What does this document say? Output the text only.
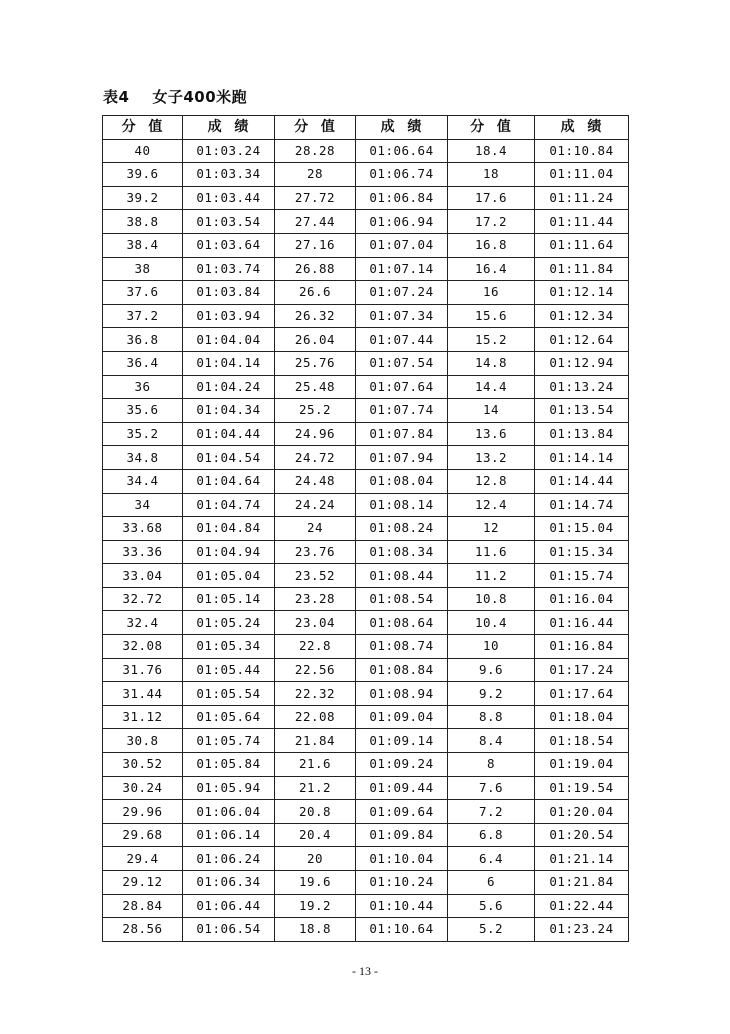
表4    女子400米跑
分  值	成  绩	分  值	成  绩	分  值	成  绩
40	01:03.24	28.28	01:06.64	18.4	01:10.84
39.6	01:03.34	28	01:06.74	18	01:11.04
39.2	01:03.44	27.72	01:06.84	17.6	01:11.24
38.8	01:03.54	27.44	01:06.94	17.2	01:11.44
38.4	01:03.64	27.16	01:07.04	16.8	01:11.64
38	01:03.74	26.88	01:07.14	16.4	01:11.84
37.6	01:03.84	26.6	01:07.24	16	01:12.14
37.2	01:03.94	26.32	01:07.34	15.6	01:12.34
36.8	01:04.04	26.04	01:07.44	15.2	01:12.64
36.4	01:04.14	25.76	01:07.54	14.8	01:12.94
36	01:04.24	25.48	01:07.64	14.4	01:13.24
35.6	01:04.34	25.2	01:07.74	14	01:13.54
35.2	01:04.44	24.96	01:07.84	13.6	01:13.84
34.8	01:04.54	24.72	01:07.94	13.2	01:14.14
34.4	01:04.64	24.48	01:08.04	12.8	01:14.44
34	01:04.74	24.24	01:08.14	12.4	01:14.74
33.68	01:04.84	24	01:08.24	12	01:15.04
33.36	01:04.94	23.76	01:08.34	11.6	01:15.34
33.04	01:05.04	23.52	01:08.44	11.2	01:15.74
32.72	01:05.14	23.28	01:08.54	10.8	01:16.04
32.4	01:05.24	23.04	01:08.64	10.4	01:16.44
32.08	01:05.34	22.8	01:08.74	10	01:16.84
31.76	01:05.44	22.56	01:08.84	9.6	01:17.24
31.44	01:05.54	22.32	01:08.94	9.2	01:17.64
31.12	01:05.64	22.08	01:09.04	8.8	01:18.04
30.8	01:05.74	21.84	01:09.14	8.4	01:18.54
30.52	01:05.84	21.6	01:09.24	8	01:19.04
30.24	01:05.94	21.2	01:09.44	7.6	01:19.54
29.96	01:06.04	20.8	01:09.64	7.2	01:20.04
29.68	01:06.14	20.4	01:09.84	6.8	01:20.54
29.4	01:06.24	20	01:10.04	6.4	01:21.14
29.12	01:06.34	19.6	01:10.24	6	01:21.84
28.84	01:06.44	19.2	01:10.44	5.6	01:22.44
28.56	01:06.54	18.8	01:10.64	5.2	01:23.24
- 13 -
